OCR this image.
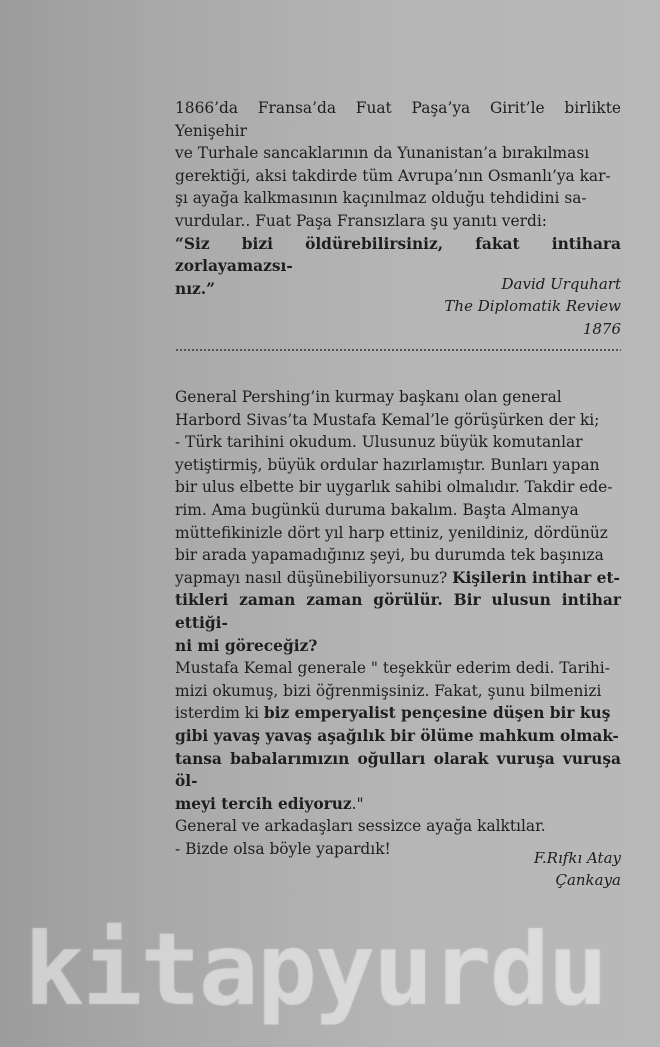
1866’da Fransa’da Fuat Paşa’ya Girit’le birlikte Yenişehir

ve Turhale sancaklarının da Yunanistan’a bırakılması

gerektiği, aksi takdirde tüm Avrupa’nın Osmanlı’ya kar-

şı ayağa kalkmasının kaçınılmaz olduğu tehdidini sa-

vurdular.. Fuat Paşa Fransızlara şu yanıtı verdi:

“Siz bizi öldürebilirsiniz, fakat intihara zorlayamazsı-

nız.”	David Urquhart
The Diplomatik Review
1876

General Pershing’in kurmay başkanı olan general

Harbord Sivas’ta Mustafa Kemal’le görüşürken der ki;

- Türk tarihini okudum. Ulusunuz büyük komutanlar

yetiştirmiş, büyük ordular hazırlamıştır. Bunları yapan

bir ulus elbette bir uygarlık sahibi olmalıdır. Takdir ede-

rim. Ama bugünkü duruma bakalım. Başta Almanya

müttefikinizle dört yıl harp ettiniz, yenildiniz, dördünüz

bir arada yapamadığınız şeyi, bu durumda tek başınıza

yapmayı nasıl düşünebiliyorsunuz? Kişilerin intihar et-

tikleri zaman zaman görülür. Bir ulusun intihar ettiği-

ni mi göreceğiz?

Mustafa Kemal generale " teşekkür ederim dedi. Tarihi-

mizi okumuş, bizi öğrenmişsiniz. Fakat, şunu bilmenizi

isterdim ki biz emperyalist pençesine düşen bir kuş

gibi yavaş yavaş aşağılık bir ölüme mahkum olmak-

tansa babalarımızın oğulları olarak vuruşa vuruşa öl-

meyi tercih ediyoruz."

General ve arkadaşları sessizce ayağa kalktılar.

- Bizde olsa böyle yapardık!

F.Rıfkı Atay
Çankaya
kitapyurdu
